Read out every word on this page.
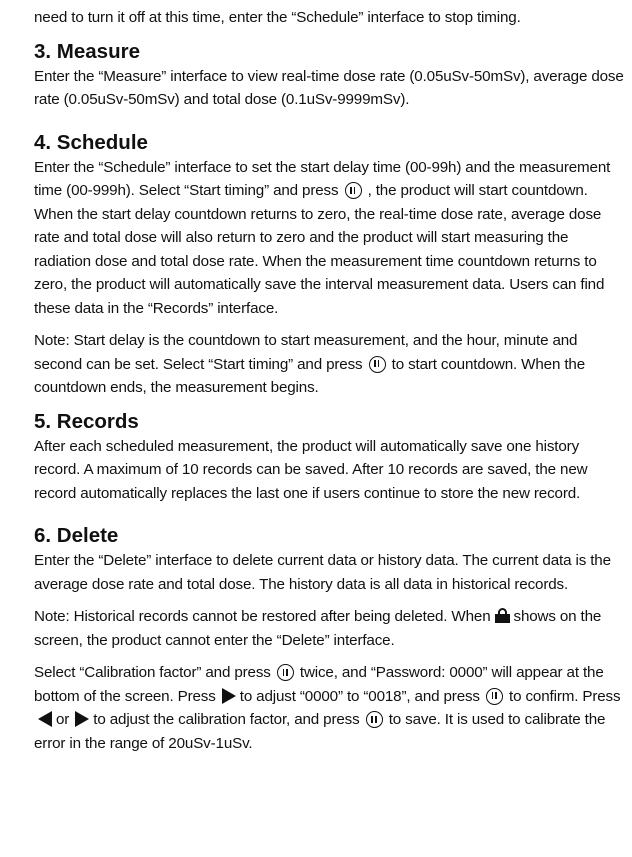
need to turn it off at this time, enter the “Schedule” interface to stop timing.

3. Measure

Enter the “Measure” interface to view real-time dose rate (0.05uSv-50mSv), average dose rate (0.05uSv-50mSv) and total dose (0.1uSv-9999mSv).

4. Schedule

Enter the “Schedule” interface to set the start delay time (00-99h) and the measurement time (00-999h). Select “Start timing” and press , the product will start countdown. When the start delay countdown returns to zero, the real-time dose rate, average dose rate and total dose will also return to zero and the product will start measuring the radiation dose and total dose rate. When the measurement time countdown returns to zero, the product will automatically save the interval measurement data. Users can find these data in the “Records” interface.

Note: Start delay is the countdown to start measurement, and the hour, minute and second can be set. Select “Start timing” and press to start countdown. When the countdown ends, the measurement begins.

5. Records

After each scheduled measurement, the product will automatically save one history record. A maximum of 10 records can be saved. After 10 records are saved, the new record automatically replaces the last one if users continue to store the new record.

6. Delete

Enter the “Delete” interface to delete current data or history data. The current data is the average dose rate and total dose. The history data is all data in historical records.

Note: Historical records cannot be restored after being deleted. When shows on the screen, the product cannot enter the “Delete” interface.

Select “Calibration factor” and press twice, and “Password: 0000” will appear at the bottom of the screen. Press to adjust “0000” to “0018”, and press to confirm. Pressor to adjust the calibration factor, and press to save. It is used to calibrate the error in the range of 20uSv-1uSv.
